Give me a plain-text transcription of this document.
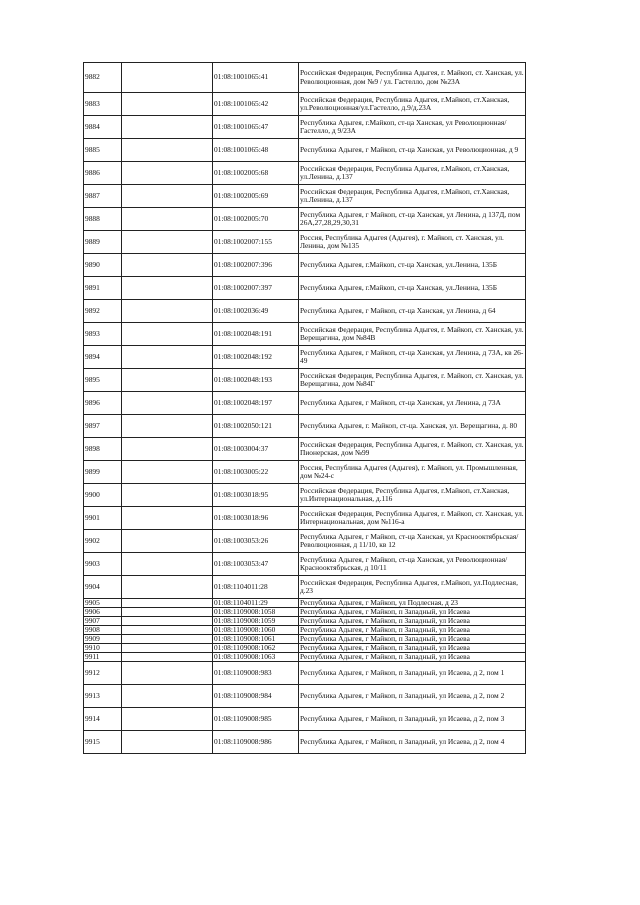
9882		01:08:1001065:41	Российская Федерация, Республика Адыгея, г. Майкоп, ст. Ханская, ул. Революционная, дом №9 / ул. Гастелло, дом №23А
9883		01:08:1001065:42	Российская Федерация, Республика Адыгея, г.Майкоп, ст.Ханская, ул.Революционная/ул.Гастелло, д.9/д.23А
9884		01:08:1001065:47	Республика Адыгея, г.Майкоп, ст-ца Ханская, ул Революционная/Гастелло, д 9/23А
9885		01:08:1001065:48	Республика Адыгея, г Майкоп, ст-ца Ханская, ул Революционная, д 9
9886		01:08:1002005:68	Российская Федерация, Республика Адыгея, г.Майкоп, ст.Ханская, ул.Ленина, д.137
9887		01:08:1002005:69	Российская Федерация, Республика Адыгея, г.Майкоп, ст.Ханская, ул.Ленина, д.137
9888		01:08:1002005:70	Республика Адыгея, г Майкоп, ст-ца Ханская, ул Ленина, д 137Д, пом 26А,27,28,29,30,31
9889		01:08:1002007:155	Россия, Республика Адыгея (Адыгея), г. Майкоп, ст. Ханская, ул. Ленина, дом №135
9890		01:08:1002007:396	Республика Адыгея, г.Майкоп, ст-ца Ханская, ул.Ленина, 135Б
9891		01:08:1002007:397	Республика Адыгея, г.Майкоп, ст-ца Ханская, ул.Ленина, 135Б
9892		01:08:1002036:49	Республика Адыгея, г Майкоп, ст-ца Ханская, ул Ленина, д 64
9893		01:08:1002048:191	Российская Федерация, Республика Адыгея, г. Майкоп, ст. Ханская, ул. Верещагина, дом №84В
9894		01:08:1002048:192	Республика Адыгея, г Майкоп, ст-ца Ханская, ул Ленина, д 73А, кв 26-49
9895		01:08:1002048:193	Российская Федерация, Республика Адыгея, г. Майкоп, ст. Ханская, ул. Верещагина, дом №84Г
9896		01:08:1002048:197	Республика Адыгея, г Майкоп, ст-ца Ханская, ул Ленина, д 73А
9897		01:08:1002050:121	Республика Адыгея, г. Майкоп, ст-ца. Ханская, ул. Верещагина, д. 80
9898		01:08:1003004:37	Российская Федерация, Республика Адыгея, г. Майкоп, ст. Ханская, ул. Пионерская, дом №99
9899		01:08:1003005:22	Россия, Республика Адыгея (Адыгея), г. Майкоп, ул. Промышленная, дом №24-с
9900		01:08:1003018:95	Российская Федерация, Республика Адыгея, г.Майкоп, ст.Ханская, ул.Интернациональная, д.116
9901		01:08:1003018:96	Российская Федерация, Республика Адыгея, г. Майкоп, ст. Ханская, ул. Интернациональная, дом №116-а
9902		01:08:1003053:26	Республика Адыгея, г Майкоп, ст-ца Ханская, ул Краснооктябрьская/Революционная, д 11/10, кв 12
9903		01:08:1003053:47	Республика Адыгея, г Майкоп, ст-ца Ханская, ул Революционная/Краснооктябрьская, д 10/11
9904		01:08:1104011:28	Российская Федерация, Республика Адыгея, г.Майкоп, ул.Подлесная, д.23
9905		01:08:1104011:29	Республика Адыгея, г Майкоп, ул Подлесная, д 23
9906		01:08:1109008:1058	Республика Адыгея, г Майкоп, п Западный, ул Исаева
9907		01:08:1109008:1059	Республика Адыгея, г Майкоп, п Западный, ул Исаева
9908		01:08:1109008:1060	Республика Адыгея, г Майкоп, п Западный, ул Исаева
9909		01:08:1109008:1061	Республика Адыгея, г Майкоп, п Западный, ул Исаева
9910		01:08:1109008:1062	Республика Адыгея, г Майкоп, п Западный, ул Исаева
9911		01:08:1109008:1063	Республика Адыгея, г Майкоп, п Западный, ул Исаева
9912		01:08:1109008:983	Республика Адыгея, г Майкоп, п Западный, ул Исаева, д 2, пом 1
9913		01:08:1109008:984	Республика Адыгея, г Майкоп, п Западный, ул Исаева, д 2, пом 2
9914		01:08:1109008:985	Республика Адыгея, г Майкоп, п Западный, ул Исаева, д 2, пом 3
9915		01:08:1109008:986	Республика Адыгея, г Майкоп, п Западный, ул Исаева, д 2, пом 4
